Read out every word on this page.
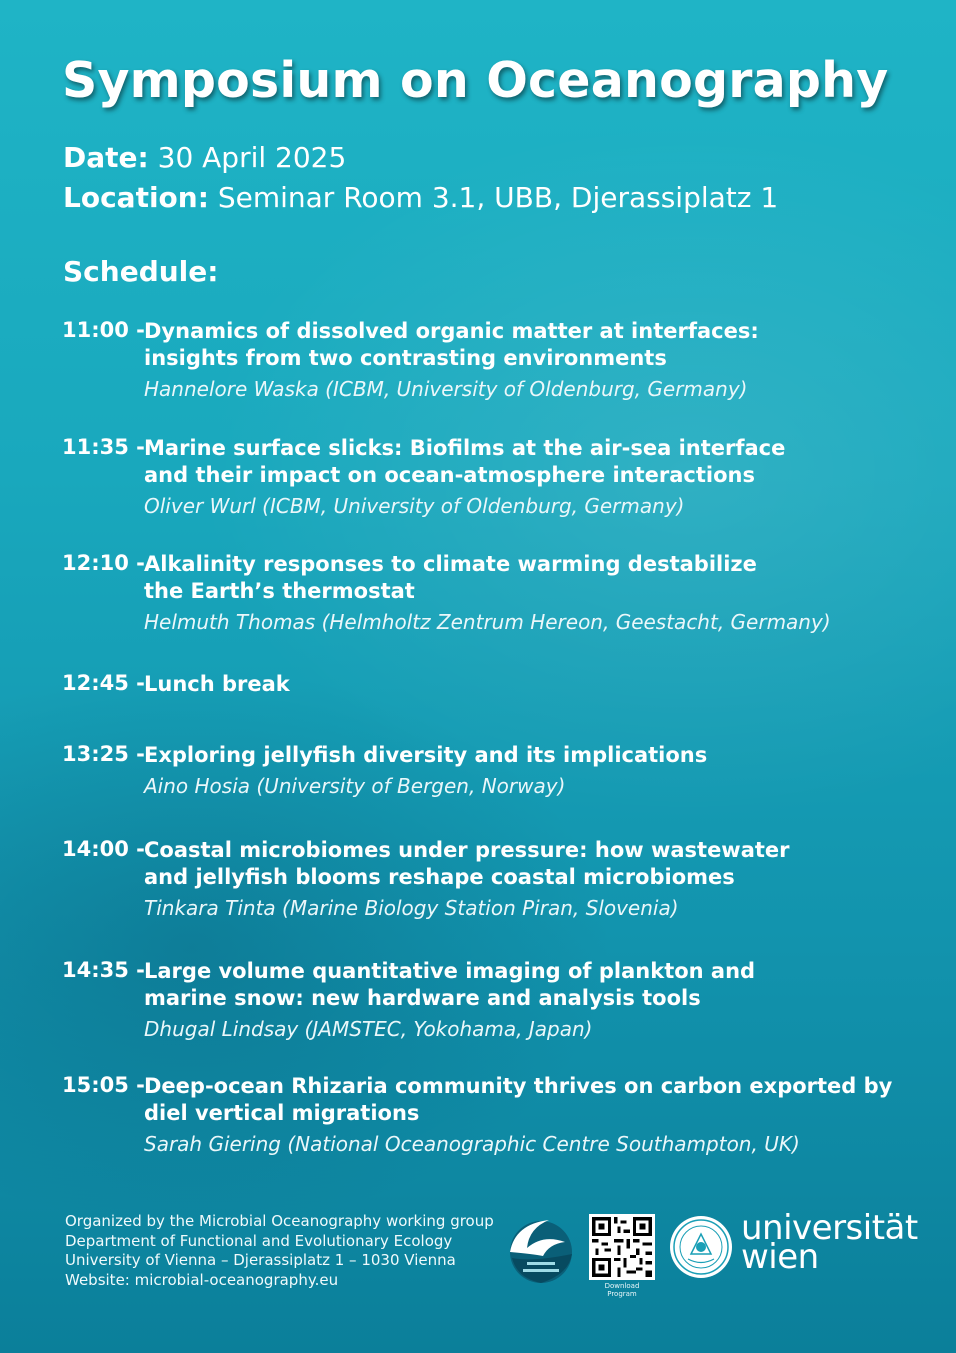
Symposium on Oceanography
Date: 30 April 2025
Location: Seminar Room 3.1, UBB, Djerassiplatz 1
Schedule:
11:00 - Dynamics of dissolved organic matter at interfaces: insights from two contrasting environments
Hannelore Waska (ICBM, University of Oldenburg, Germany)
11:35 - Marine surface slicks: Biofilms at the air-sea interface and their impact on ocean-atmosphere interactions
Oliver Wurl (ICBM, University of Oldenburg, Germany)
12:10 - Alkalinity responses to climate warming destabilize the Earth’s thermostat
Helmuth Thomas (Helmholtz Zentrum Hereon, Geestacht, Germany)
12:45 - Lunch break
13:25 - Exploring jellyfish diversity and its implications
Aino Hosia (University of Bergen, Norway)
14:00 - Coastal microbiomes under pressure: how wastewater and jellyfish blooms reshape coastal microbiomes
Tinkara Tinta (Marine Biology Station Piran, Slovenia)
14:35 - Large volume quantitative imaging of plankton and marine snow: new hardware and analysis tools
Dhugal Lindsay (JAMSTEC, Yokohama, Japan)
15:05 - Deep-ocean Rhizaria community thrives on carbon exported by diel vertical migrations
Sarah Giering (National Oceanographic Centre Southampton, UK)
Organized by the Microbial Oceanography working group
Department of Functional and Evolutionary Ecology
University of Vienna – Djerassiplatz 1 – 1030 Vienna
Website: microbial-oceanography.eu	Download Program
universität
wien
